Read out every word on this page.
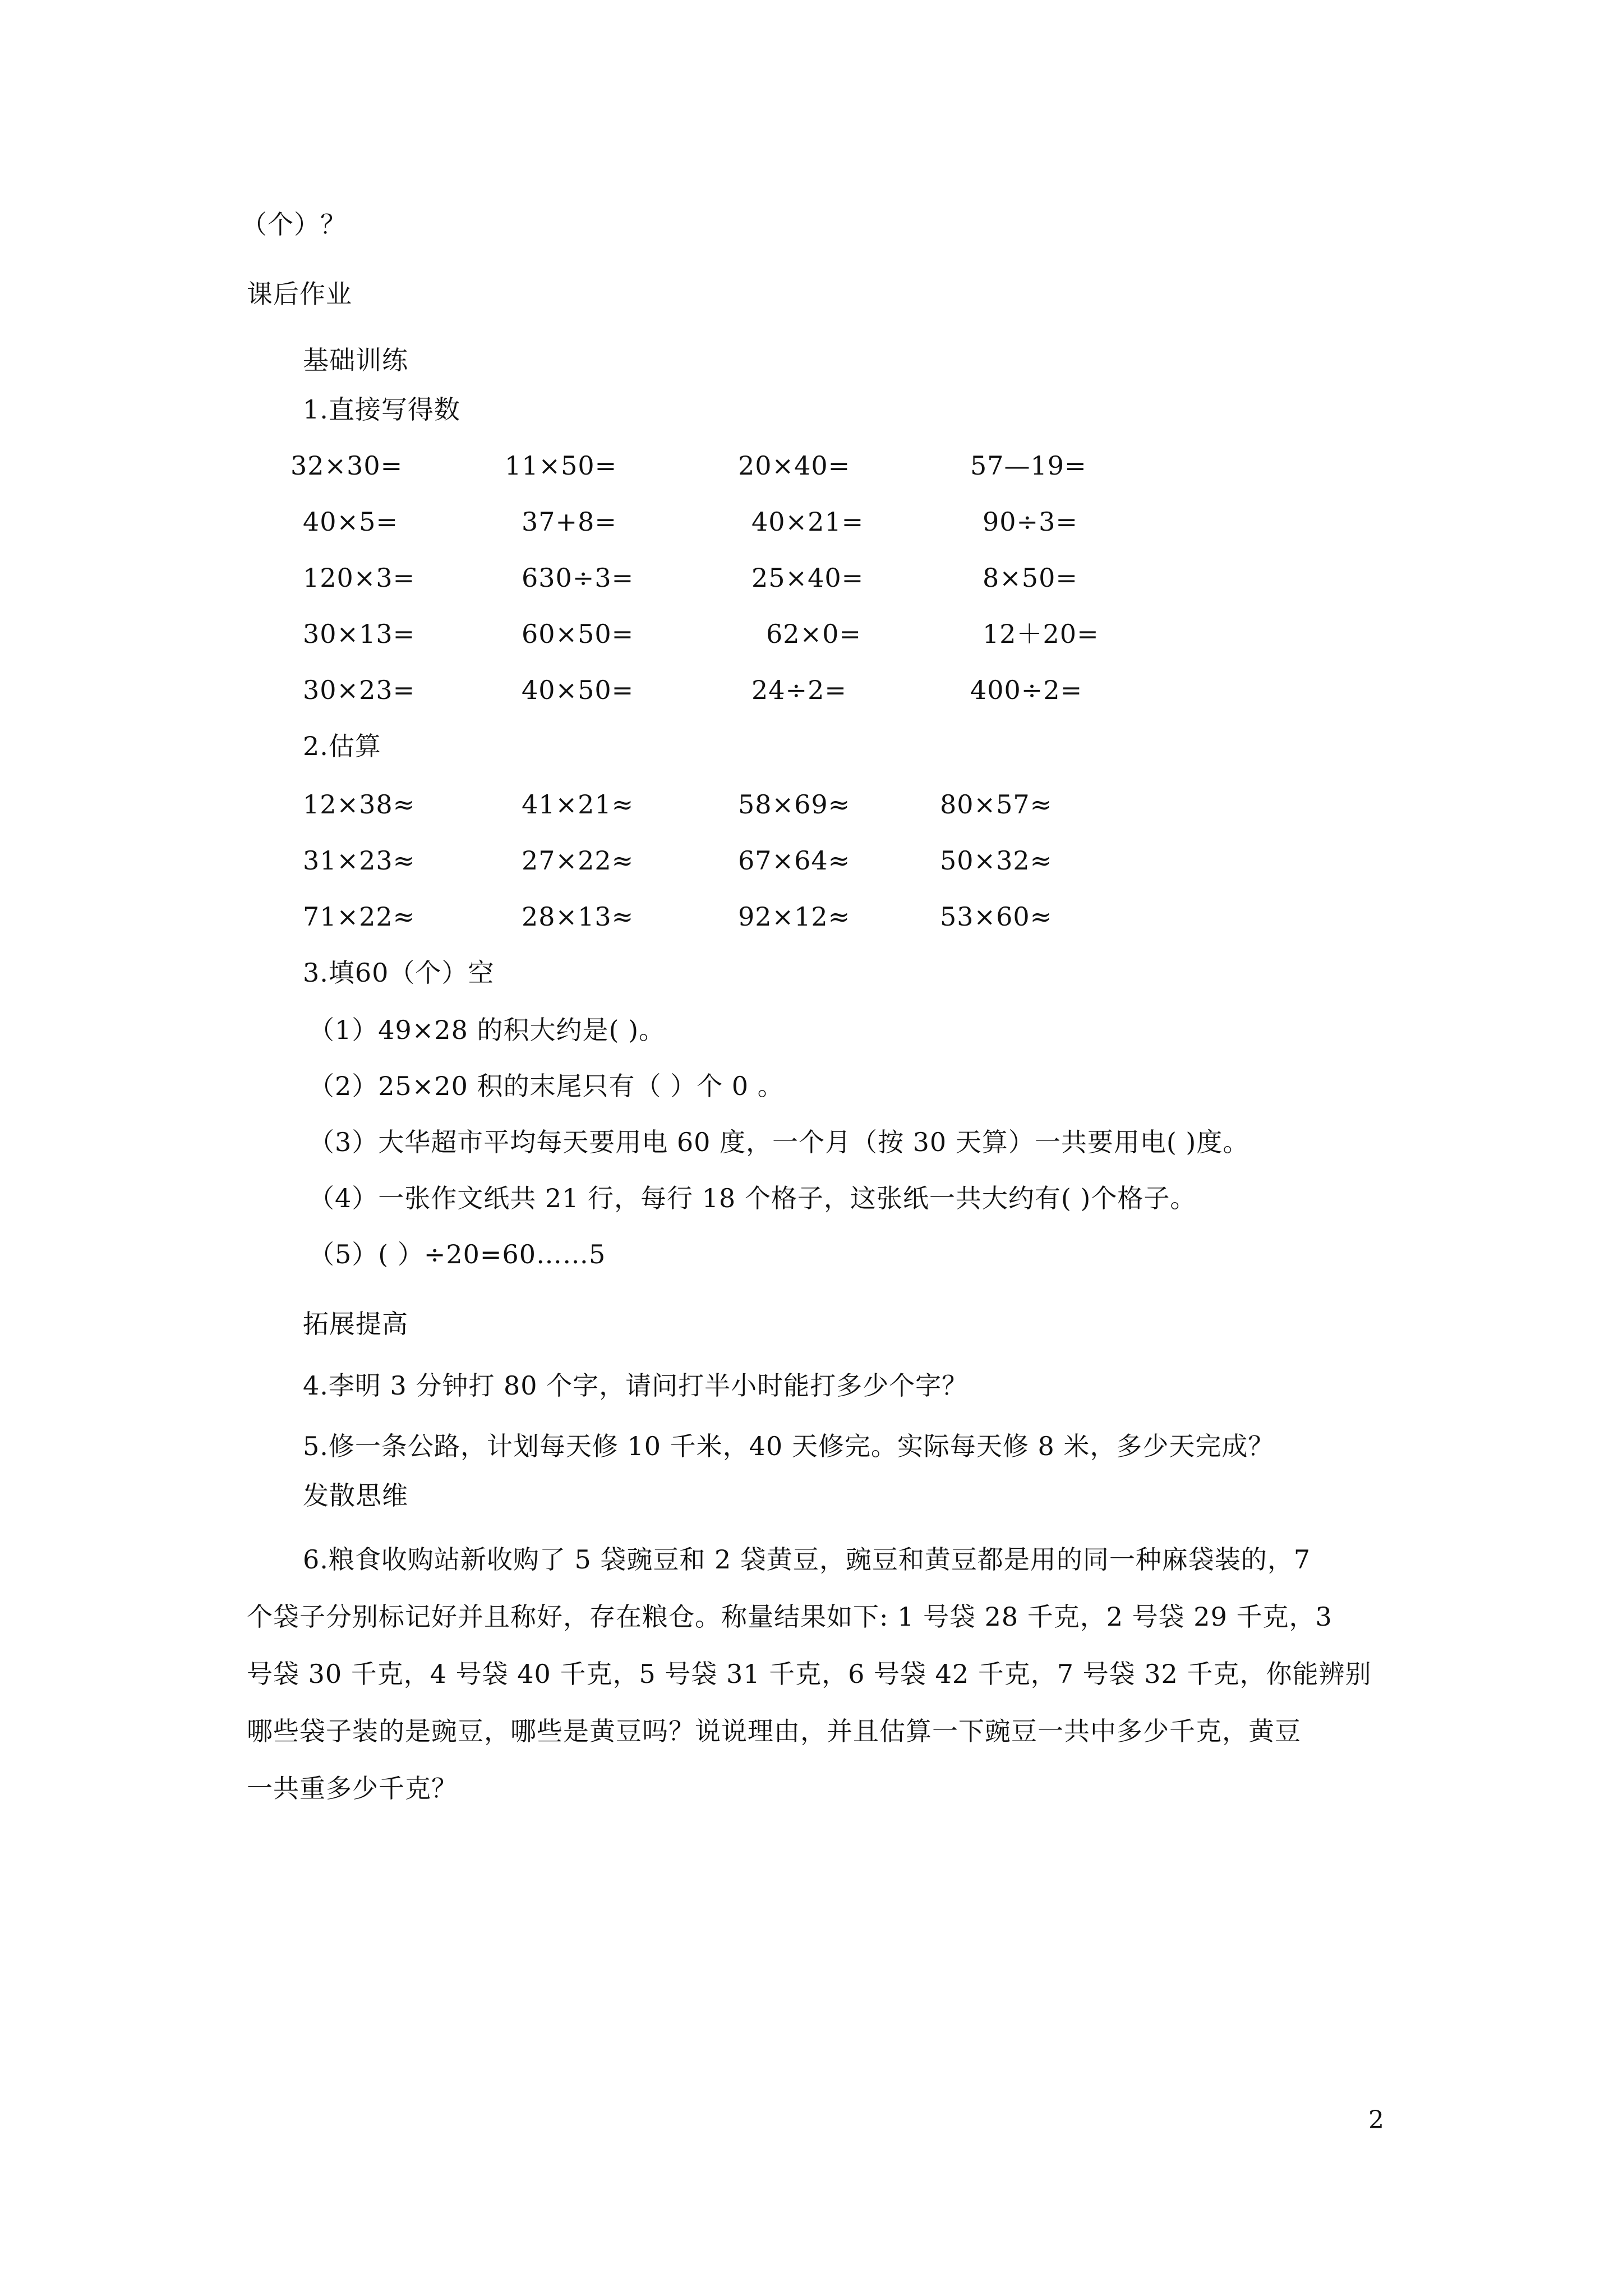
（个）？
课后作业
基础训练
1.直接写得数
32×30=	11×50=	20×40=	57—19=
40×5=	37+8=	40×21=	90÷3=
120×3=	630÷3=	25×40=	8×50=
30×13=	60×50=	62×0=	12＋20=
30×23=	40×50=	24÷2=	400÷2=
2.估算
12×38≈	41×21≈	58×69≈	80×57≈
31×23≈	27×22≈	67×64≈	50×32≈
71×22≈	28×13≈	92×12≈	53×60≈
3.填60（个）空
（1）49×28 的积大约是( )。
（2）25×20 积的末尾只有（ ）个 0 。
（3）大华超市平均每天要用电 60 度，一个月（按 30 天算）一共要用电( )度。
（4）一张作文纸共 21 行，每行 18 个格子，这张纸一共大约有( )个格子。
（5）( ）÷20=60……5
拓展提高
4.李明 3 分钟打 80 个字，请问打半小时能打多少个字？
5.修一条公路，计划每天修 10 千米，40 天修完。实际每天修 8 米，多少天完成？
发散思维
6.粮食收购站新收购了 5 袋豌豆和 2 袋黄豆，豌豆和黄豆都是用的同一种麻袋装的，7
个袋子分别标记好并且称好，存在粮仓。称量结果如下: 1 号袋 28 千克，2 号袋 29 千克，3
号袋 30 千克，4 号袋 40 千克，5 号袋 31 千克，6 号袋 42 千克，7 号袋 32 千克，你能辨别
哪些袋子装的是豌豆，哪些是黄豆吗？说说理由，并且估算一下豌豆一共中多少千克，黄豆
一共重多少千克？
2
